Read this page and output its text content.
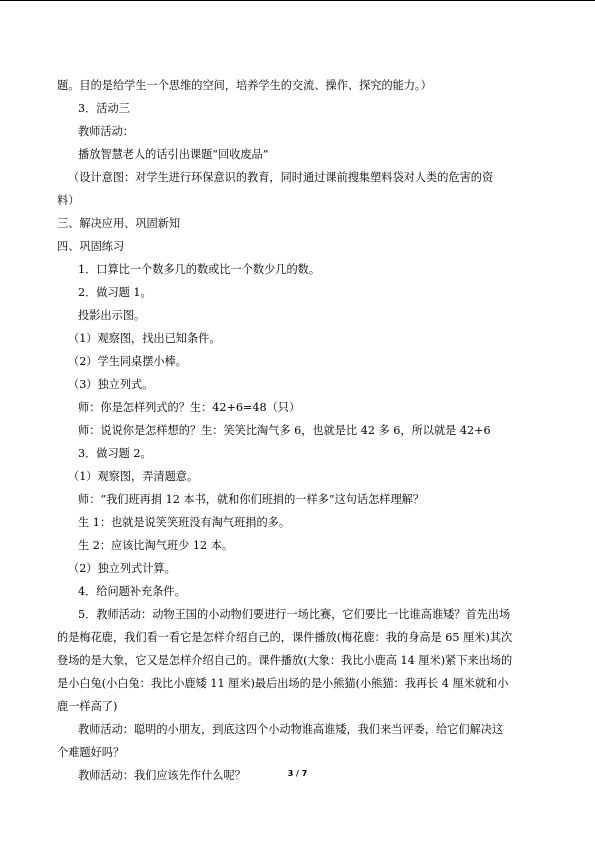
题。目的是给学生一个思维的空间，培养学生的交流、操作、探究的能力。）
3．活动三
教师活动：
播放智慧老人的话引出课题“回收废品”
（设计意图：对学生进行环保意识的教育，同时通过课前搜集塑料袋对人类的危害的资
料）
三、解决应用、巩固新知
四、巩固练习
1．口算比一个数多几的数或比一个数少几的数。
2．做习题 1。
投影出示图。
（1）观察图，找出已知条件。
（2）学生同桌摆小棒。
（3）独立列式。
师：你是怎样列式的？生：42+6=48（只）
师：说说你是怎样想的？生：笑笑比淘气多 6，也就是比 42 多 6，所以就是 42+6
3．做习题 2。
（1）观察图，弄清题意。
师：“我们班再捐 12 本书，就和你们班捐的一样多”这句话怎样理解？
生 1：也就是说笑笑班没有淘气班捐的多。
生 2：应该比淘气班少 12 本。
（2）独立列式计算。
4．给问题补充条件。
5．教师活动：动物王国的小动物们要进行一场比赛，它们要比一比谁高谁矮？首先出场
的是梅花鹿，我们看一看它是怎样介绍自己的，课件播放(梅花鹿：我的身高是 65 厘米)其次
登场的是大象，它又是怎样介绍自己的。课件播放(大象：我比小鹿高 14 厘米)紧下来出场的
是小白兔(小白兔：我比小鹿矮 11 厘米)最后出场的是小熊猫(小熊猫：我再长 4 厘米就和小
鹿一样高了)
教师活动：聪明的小朋友，到底这四个小动物谁高谁矮，我们来当评委，给它们解决这
个难题好吗？
教师活动：我们应该先作什么呢？	3 / 7
